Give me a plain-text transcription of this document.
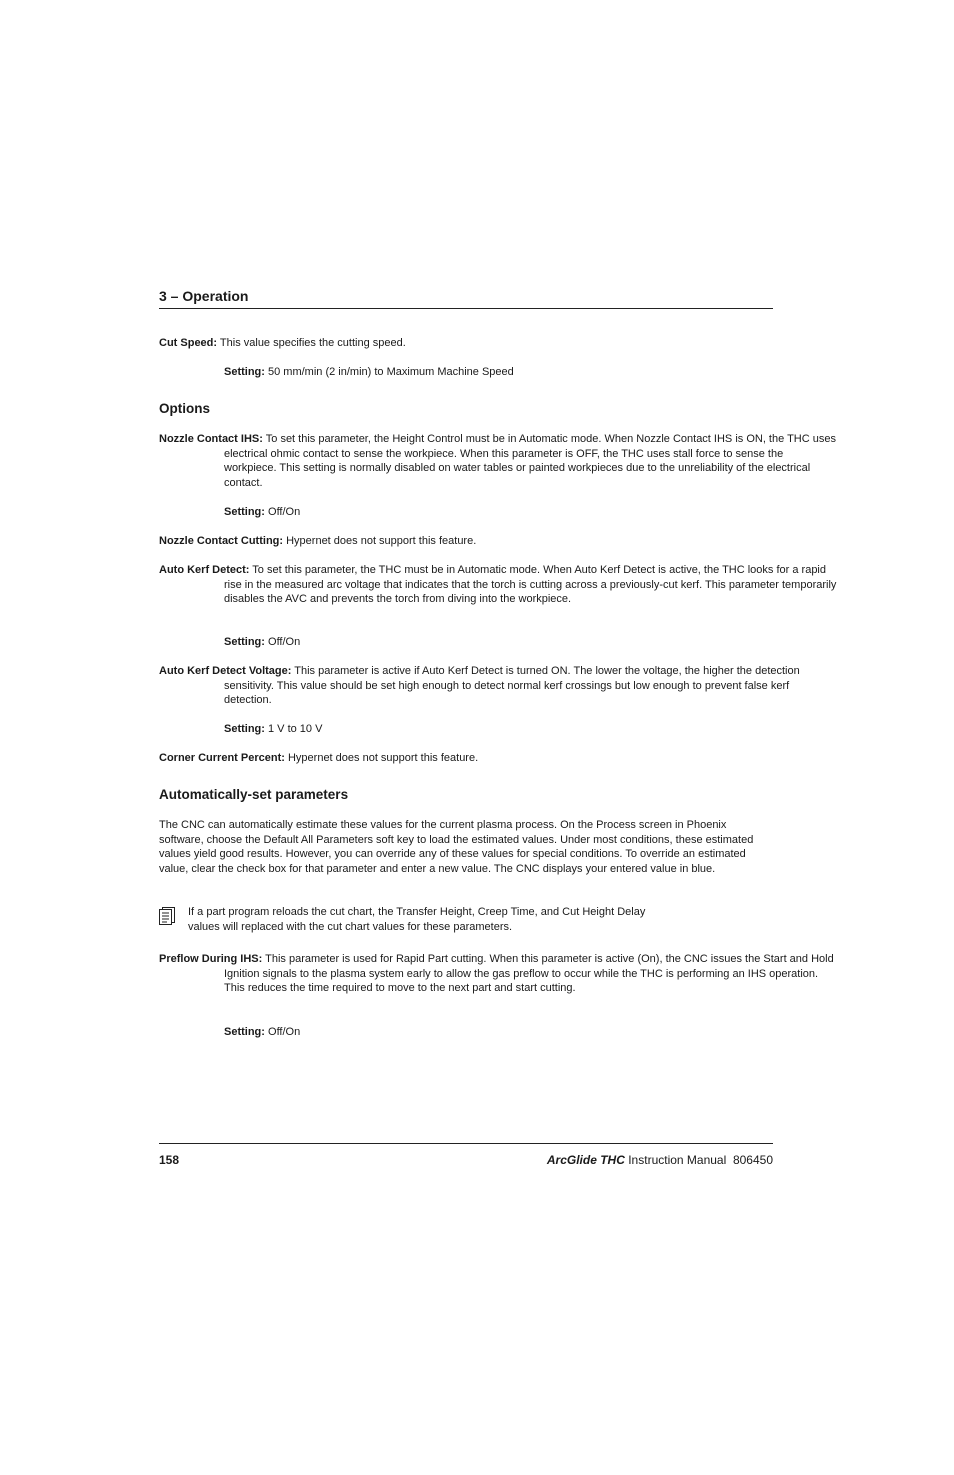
3 – Operation
Cut Speed: This value specifies the cutting speed.
Setting: 50 mm/min (2 in/min) to Maximum Machine Speed
Options
Nozzle Contact IHS: To set this parameter, the Height Control must be in Automatic mode. When Nozzle Contact IHS is ON, the THC uses electrical ohmic contact to sense the workpiece. When this parameter is OFF, the THC uses stall force to sense the workpiece. This setting is normally disabled on water tables or painted workpieces due to the unreliability of the electrical contact.
Setting: Off/On
Nozzle Contact Cutting: Hypernet does not support this feature.
Auto Kerf Detect: To set this parameter, the THC must be in Automatic mode. When Auto Kerf Detect is active, the THC looks for a rapid rise in the measured arc voltage that indicates that the torch is cutting across a previously-cut kerf. This parameter temporarily disables the AVC and prevents the torch from diving into the workpiece.
Setting: Off/On
Auto Kerf Detect Voltage: This parameter is active if Auto Kerf Detect is turned ON. The lower the voltage, the higher the detection sensitivity. This value should be set high enough to detect normal kerf crossings but low enough to prevent false kerf detection.
Setting: 1 V to 10 V
Corner Current Percent: Hypernet does not support this feature.
Automatically-set parameters
The CNC can automatically estimate these values for the current plasma process. On the Process screen in Phoenix software, choose the Default All Parameters soft key to load the estimated values. Under most conditions, these estimated values yield good results. However, you can override any of these values for special conditions. To override an estimated value, clear the check box for that parameter and enter a new value. The CNC displays your entered value in blue.
If a part program reloads the cut chart, the Transfer Height, Creep Time, and Cut Height Delay values will replaced with the cut chart values for these parameters.
Preflow During IHS: This parameter is used for Rapid Part cutting. When this parameter is active (On), the CNC issues the Start and Hold Ignition signals to the plasma system early to allow the gas preflow to occur while the THC is performing an IHS operation. This reduces the time required to move to the next part and start cutting.
Setting: Off/On
158	ArcGlide THC Instruction Manual  806450
